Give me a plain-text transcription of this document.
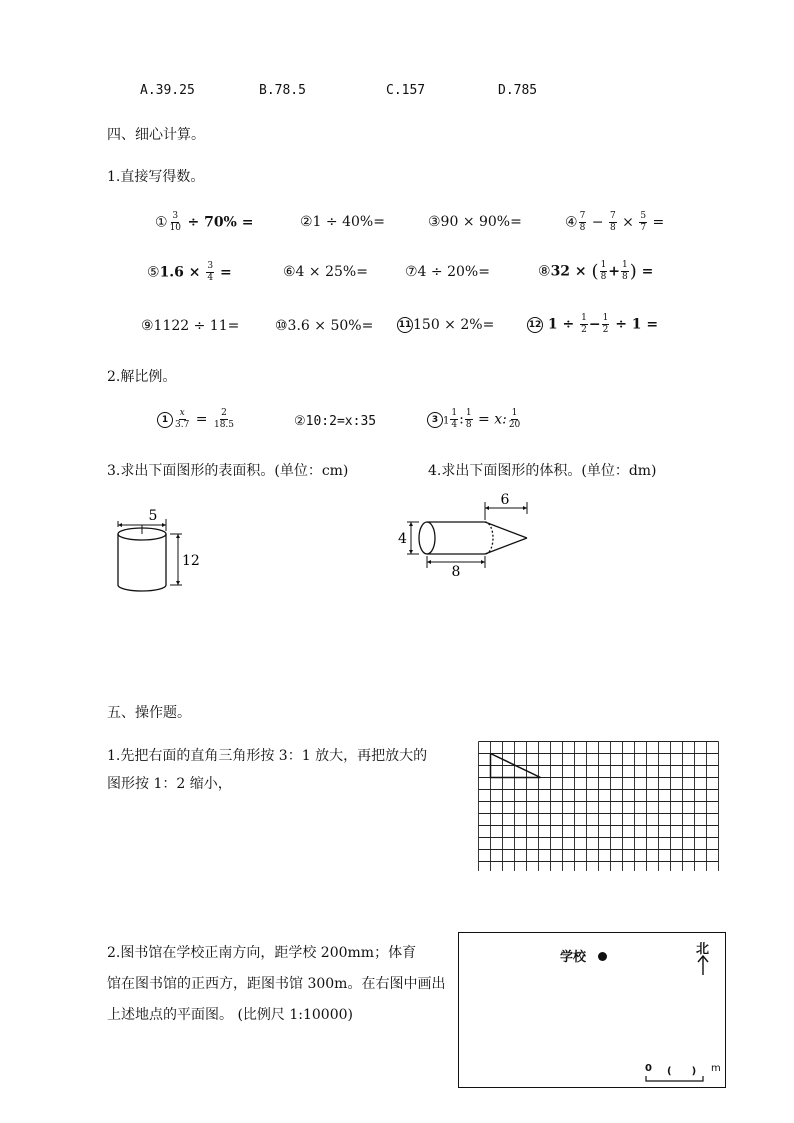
A.39.25	B.78.5	C.157	D.785
四、细心计算。
1.直接写得数。
① $\frac{3}{10} \div 70\%$ =	②1 ÷ 40%=	③90 × 90%=	④ $\frac{7}{8} - \frac{7}{8} \times \frac{5}{7}$ =
⑤1.6 × $\frac{3}{4}$ =	⑥4 × 25%=	⑦4 ÷ 20%=	⑧32 × ( $\frac{1}{8} + \frac{1}{8}$ ) =
⑨1122 ÷ 11=	⑩3.6 × 50%=	11 150 × 2%=	12 $1 \div \frac{1}{2} - \frac{1}{2} \div 1$ =
2.解比例。
$1 \frac{x}{3.7} = \frac{2}{18.5}$	②10:2=x:35	3 $1 \frac{1}{4}$ : $\frac{1}{8} = x$: $\frac{1}{20}$
3.求出下面图形的表面积。(单位：cm)	4.求出下面图形的体积。(单位：dm)
5
12
6
4
8
五、操作题。
1.先把右面的直角三角形按 3：1 放大，再把放大的
图形按 1：2 缩小，
2.图书馆在学校正南方向，距学校 200mm；体育
馆在图书馆的正西方，距图书馆 300m。在右图中画出
上述地点的平面图。 (比例尺 1:10000)
学校
北
0 (　　) m
